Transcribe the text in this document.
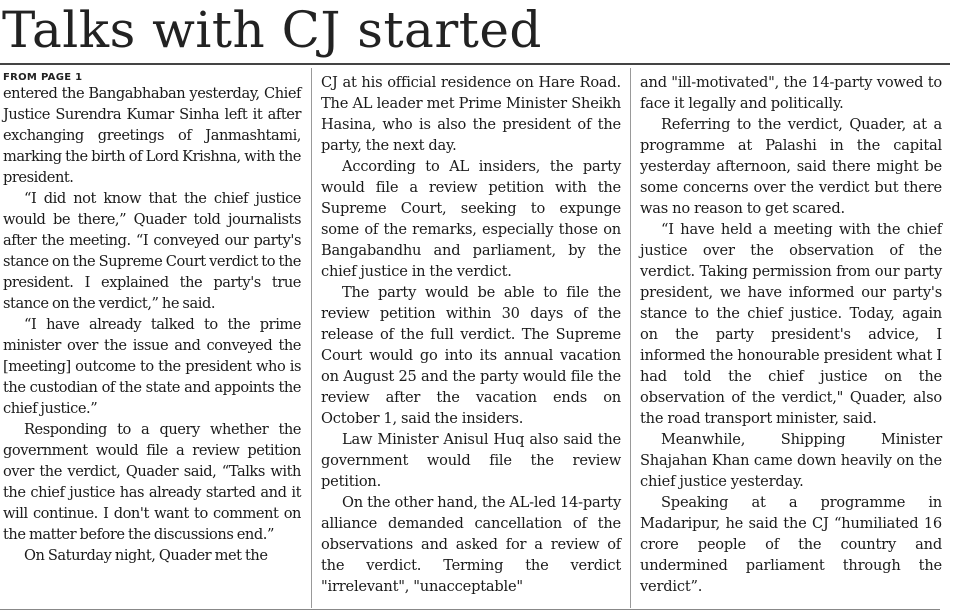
Talks with CJ started
FROM PAGE 1

entered the Bangabhaban yesterday, Chief Justice Surendra Kumar Sinha left it after exchanging greetings of Janmashtami, marking the birth of Lord Krishna, with the president.

“I did not know that the chief justice would be there,” Quader told journalists after the meeting. “I conveyed our party's stance on the Supreme Court verdict to the president. I explained the party's true stance on the verdict,” he said.

“I have already talked to the prime minister over the issue and conveyed the [meeting] outcome to the president who is the custodian of the state and appoints the chief justice.”

Responding to a query whether the government would file a review petition over the verdict, Quader said, “Talks with the chief justice has already started and it will continue. I don't want to comment on the matter before the discussions end.”

On Saturday night, Quader met the

CJ at his official residence on Hare Road. The AL leader met Prime Minister Sheikh Hasina, who is also the president of the party, the next day.

According to AL insiders, the party would file a review petition with the Supreme Court, seeking to expunge some of the remarks, especially those on Bangabandhu and parliament, by the chief justice in the verdict.

The party would be able to file the review petition within 30 days of the release of the full verdict. The Supreme Court would go into its annual vacation on August 25 and the party would file the review after the vacation ends on October 1, said the insiders.

Law Minister Anisul Huq also said the government would file the review petition.

On the other hand, the AL-led 14-party alliance demanded cancellation of the observations and asked for a review of the verdict. Terming the verdict "irrelevant", "unacceptable"

and "ill-motivated", the 14-party vowed to face it legally and politically.

Referring to the verdict, Quader, at a programme at Palashi in the capital yesterday afternoon, said there might be some concerns over the verdict but there was no reason to get scared.

“I have held a meeting with the chief justice over the observation of the verdict. Taking permission from our party president, we have informed our party's stance to the chief justice. Today, again on the party president's advice, I informed the honourable president what I had told the chief justice on the observation of the verdict," Quader, also the road transport minister, said.

Meanwhile, Shipping Minister Shajahan Khan came down heavily on the chief justice yesterday.

Speaking at a programme in Madaripur, he said the CJ “humiliated 16 crore people of the country and undermined parliament through the verdict”.
